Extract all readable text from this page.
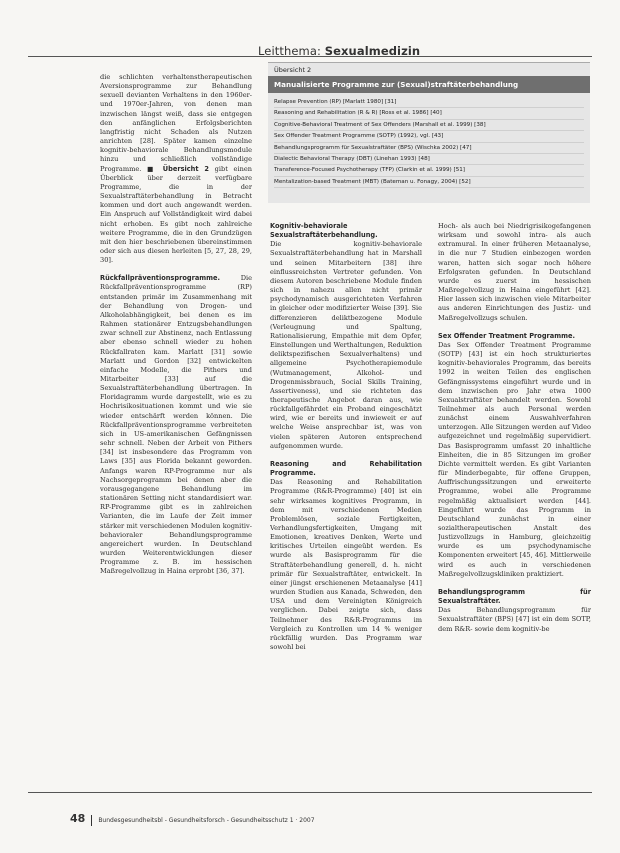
Leitthema: Sexualmedizin
Übersicht 2
Manualisierte Programme zur (Sexual)straftäterbehandlung
Relapse Prevention (RP) [Marlatt 1980] [31]
Reasoning and Rehabilitation (R & R) [Ross et al. 1986] [40]
Cognitive-Behavioral Treatment of Sex Offenders (Marshall et al. 1999) [38]
Sex Offender Treatment Programme (SOTP) (1992), vgl. [43]
Behandlungsprogramm für Sexualstraftäter (BPS) (Wischka 2002) [47]
Dialectic Behavioral Therapy (DBT) (Linehan 1993) [48]
Transference-Focused Psychotherapy (TFP) (Clarkin et al. 1999) [51]
Mentalization-based Treatment (MBT) (Bateman u. Fonagy, 2004) [52]

die schlichten verhaltenstherapeutischen Aversionsprogramme zur Behandlung sexuell devianten Verhaltens in den 1960er- und 1970er-Jahren, von denen man inzwischen längst weiß, dass sie entgegen den anfänglichen Erfolgsberichten langfristig nicht Schaden als Nutzen anrichten [28]. Später kamen einzelne kognitiv-behaviorale Behandlungsmodule hinzu und schließlich vollständige Programme. ■ Übersicht 2 gibt einen Überblick über derzeit verfügbare Programme, die in der Sexualstraftäterbehandlung in Betracht kommen und dort auch angewandt werden. Ein Anspruch auf Vollständigkeit wird dabei nicht erhoben. Es gibt noch zahlreiche weitere Programme, die in den Grundzügen mit den hier beschriebenen übereinstimmen oder sich aus diesen herleiten [5, 27, 28, 29, 30].

Rückfallpräventionsprogramme. Die Rückfallpräventionsprogramme (RP) entstanden primär im Zusammenhang mit der Behandlung von Drogen- und Alkoholabhängigkeit, bei denen es im Rahmen stationärer Entzugsbehandlungen zwar schnell zur Abstinenz, nach Entlassung aber ebenso schnell wieder zu hohen Rückfallraten kam. Marlatt [31] sowie Marlatt und Gordon [32] entwickelten einfache Modelle, die Pithers und Mitarbeiter [33] auf die Sexualstraftäterbehandlung übertragen. In Floridagramm wurde dargestellt, wie es zu Hochrisikosituationen kommt und wie sie wieder entschärft werden können. Die Rückfallpräventionsprogramme verbreiteten sich in US-amerikanischen Gefängnissen sehr schnell. Neben der Arbeit von Pithers [34] ist insbesondere das Programm von Laws [35] aus Florida bekannt geworden. Anfangs waren RP-Programme nur als Nachsorgeprogramm bei denen aber die vorausgegangene Behandlung im stationären Setting nicht standardisiert war. RP-Programme gibt es in zahlreichen Varianten, die im Laufe der Zeit immer stärker mit verschiedenen Modulen kognitiv-behavioraler Behandlungsprogramme angereichert wurden. In Deutschland wurden Weiterentwicklungen dieser Programme z. B. im hessischen Maßregelvollzug in Haina erprobt [36, 37].

Kognitiv-behaviorale Sexualstraftäterbehandlung.

Die kognitiv-behaviorale Sexualstraftäterbehandlung hat in Marshall und seinen Mitarbeitern [38] ihre einflussreichsten Vertreter gefunden. Von diesem Autoren beschriebene Module finden sich in nahezu allen nicht primär psychodynamisch ausgerichteten Verfahren in gleicher oder modifizierter Weise [39]. Sie differenzieren deliktbezogene Module (Verleugnung und Spaltung, Rationalisierung, Empathie mit dem Opfer, Einstellungen und Werthaltungen, Reduktion deliktspezifischen Sexualverhaltens) und allgemeine Psychotherapiemodule (Wutmanagement, Alkohol- und Drogenmissbrauch, Social Skills Training, Assertiveness), und sie richteten das therapeutische Angebot daran aus, wie rückfallgefährdet ein Proband eingeschätzt wird, wie er bereits und inwieweit er auf welche Weise ansprechbar ist, was von vielen späteren Autoren entsprechend aufgenommen wurde.

Reasoning and Rehabilitation Programme.

Das Reasoning and Rehabilitation Programme (R&R-Programme) [40] ist ein sehr wirksames kognitives Programm, in dem mit verschiedenen Medien Problemlösen, soziale Fertigkeiten, Verhandlungsfertigkeiten, Umgang mit Emotionen, kreatives Denken, Werte und kritisches Urteilen eingeübt werden. Es wurde als Basisprogramm für die Straftäterbehandlung generell, d. h. nicht primär für Sexualstraftäter, entwickelt. In einer jüngst erschienenen Metaanalyse [41] wurden Studien aus Kanada, Schweden, den USA und dem Vereinigten Königreich verglichen. Dabei zeigte sich, dass Teilnehmer des R&R-Programms im Vergleich zu Kontrollen um 14 % weniger rückfällig wurden. Das Programm war sowohl bei

Hoch- als auch bei Niedrigrisikogefangenen wirksam und sowohl intra- als auch extramural. In einer früheren Metaanalyse, in die nur 7 Studien einbezogen worden waren, hatten sich sogar noch höhere Erfolgsraten gefunden. In Deutschland wurde es zuerst im hessischen Maßregelvollzug in Haina eingeführt [42]. Hier lassen sich inzwischen viele Mitarbeiter aus anderen Einrichtungen des Justiz- und Maßregelvollzugs schulen.

Sex Offender Treatment Programme.

Das Sex Offender Treatment Programme (SOTP) [43] ist ein hoch strukturiertes kognitiv-behaviorales Programm, das bereits 1992 in weiten Teilen des englischen Gefängnissystems eingeführt wurde und in dem inzwischen pro Jahr etwa 1000 Sexualstraftäter behandelt werden. Sowohl Teilnehmer als auch Personal werden zunächst einem Auswahlverfahren unterzogen. Alle Sitzungen werden auf Video aufgezeichnet und regelmäßig supervidiert. Das Basisprogramm umfasst 20 inhaltliche Einheiten, die in 85 Sitzungen im großer Dichte vermittelt werden. Es gibt Varianten für Minderbegabte, für offene Gruppen, Auffrischungssitzungen und erweiterte Programme, wobei alle Programme regelmäßig aktualisiert werden [44]. Eingeführt wurde das Programm in Deutschland zunächst in einer sozialtherapeutischen Anstalt des Justizvollzugs in Hamburg, gleichzeitig wurde es um psychodynamische Komponenten erweitert [45, 46]. Mittlerweile wird es auch in verschiedenen Maßregelvollzugskliniken praktiziert.

Behandlungsprogramm für Sexualstraftäter.

Das Behandlungsprogramm für Sexualstraftäter (BPS) [47] ist ein dem SOTP, dem R&R- sowie dem kognitiv-be

48 Bundesgesundheitsbl - Gesundheitsforsch - Gesundheitsschutz 1 · 2007
